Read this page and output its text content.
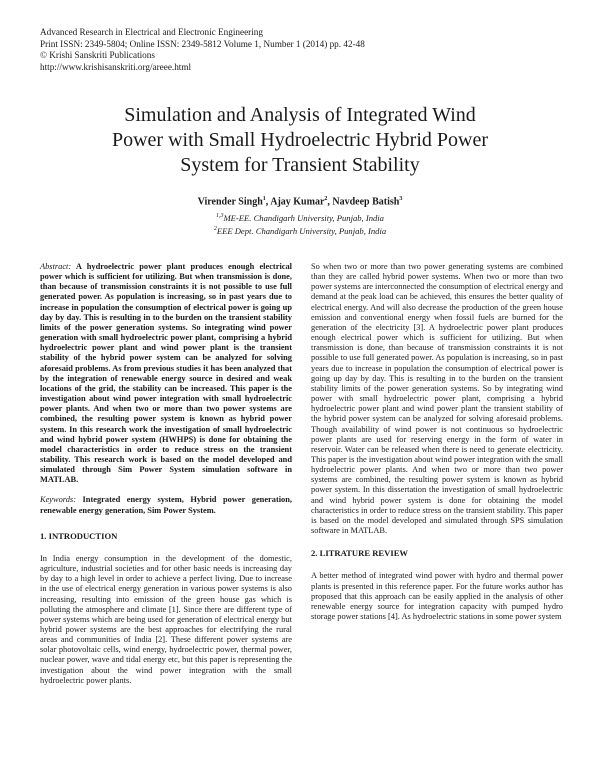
Advanced Research in Electrical and Electronic Engineering
Print ISSN: 2349-5804; Online ISSN: 2349-5812 Volume 1, Number 1 (2014) pp. 42-48
© Krishi Sanskriti Publications
http://www.krishisanskriti.org/areee.html
Simulation and Analysis of Integrated Wind
Power with Small Hydroelectric Hybrid Power
System for Transient Stability
Virender Singh$^1$, Ajay Kumar$^2$, Navdeep Batish$^3$
$^{1,3}$ME-EE. Chandigarh University, Punjab, India
$^2$EEE Dept. Chandigarh University, Punjab, India
Abstract: A hydroelectric power plant produces enough electrical power which is sufficient for utilizing. But when transmission is done, than because of transmission constraints it is not possible to use full generated power. As population is increasing, so in past years due to increase in population the consumption of electrical power is going up day by day. This is resulting in to the burden on the transient stability limits of the power generation systems. So integrating wind power generation with small hydroelectric power plant, comprising a hybrid hydroelectric power plant and wind power plant is the transient stability of the hybrid power system can be analyzed for solving aforesaid problems. As from previous studies it has been analyzed that by the integration of renewable energy source in desired and weak locations of the grid, the stability can be increased. This paper is the investigation about wind power integration with small hydroelectric power plants. And when two or more than two power systems are combined, the resulting power system is known as hybrid power system. In this research work the investigation of small hydroelectric and wind hybrid power system (HWHPS) is done for obtaining the model characteristics in order to reduce stress on the transient stability. This research work is based on the model developed and simulated through Sim Power System simulation software in MATLAB.
Keywords: Integrated energy system, Hybrid power generation, renewable energy generation, Sim Power System.
1. INTRODUCTION

In India energy consumption in the development of the domestic, agriculture, industrial societies and for other basic needs is increasing day by day to a high level in order to achieve a perfect living. Due to increase in the use of electrical energy generation in various power systems is also increasing, resulting into emission of the green house gas which is polluting the atmosphere and climate [1]. Since there are different type of power systems which are being used for generation of electrical energy but hybrid power systems are the best approaches for electrifying the rural areas and communities of India [2]. These different power systems are solar photovoltaic cells, wind energy, hydroelectric power, thermal power, nuclear power, wave and tidal energy etc, but this paper is representing the investigation about the wind power integration with the small hydroelectric power plants.

So when two or more than two power generating systems are combined than they are called hybrid power systems. When two or more than two power systems are interconnected the consumption of electrical energy and demand at the peak load can be achieved, this ensures the better quality of electrical energy. And will also decrease the production of the green house emission and conventional energy when fossil fuels are burned for the generation of the electricity [3]. A hydroelectric power plant produces enough electrical power which is sufficient for utilizing. But when transmission is done, than because of transmission constraints it is not possible to use full generated power. As population is increasing, so in past years due to increase in population the consumption of electrical power is going up day by day. This is resulting in to the burden on the transient stability limits of the power generation systems. So by integrating wind power with small hydroelectric power plant, comprising a hybrid hydroelectric power plant and wind power plant the transient stability of the hybrid power system can be analyzed for solving aforesaid problems. Though availability of wind power is not continuous so hydroelectric power plants are used for reserving energy in the form of water in reservoir. Water can be released when there is need to generate electricity. This paper is the investigation about wind power integration with the small hydroelectric power plants. And when two or more than two power systems are combined, the resulting power system is known as hybrid power system. In this dissertation the investigation of small hydroelectric and wind hybrid power system is done for obtaining the model characteristics in order to reduce stress on the transient stability. This paper is based on the model developed and simulated through SPS simulation software in MATLAB.

2. LITRATURE REVIEW

A better method of integrated wind power with hydro and thermal power plants is presented in this reference paper. For the future works author has proposed that this approach can be easily applied in the analysis of other renewable energy source for integration capacity with pumped hydro storage power stations [4]. As hydroelectric stations in some power system
